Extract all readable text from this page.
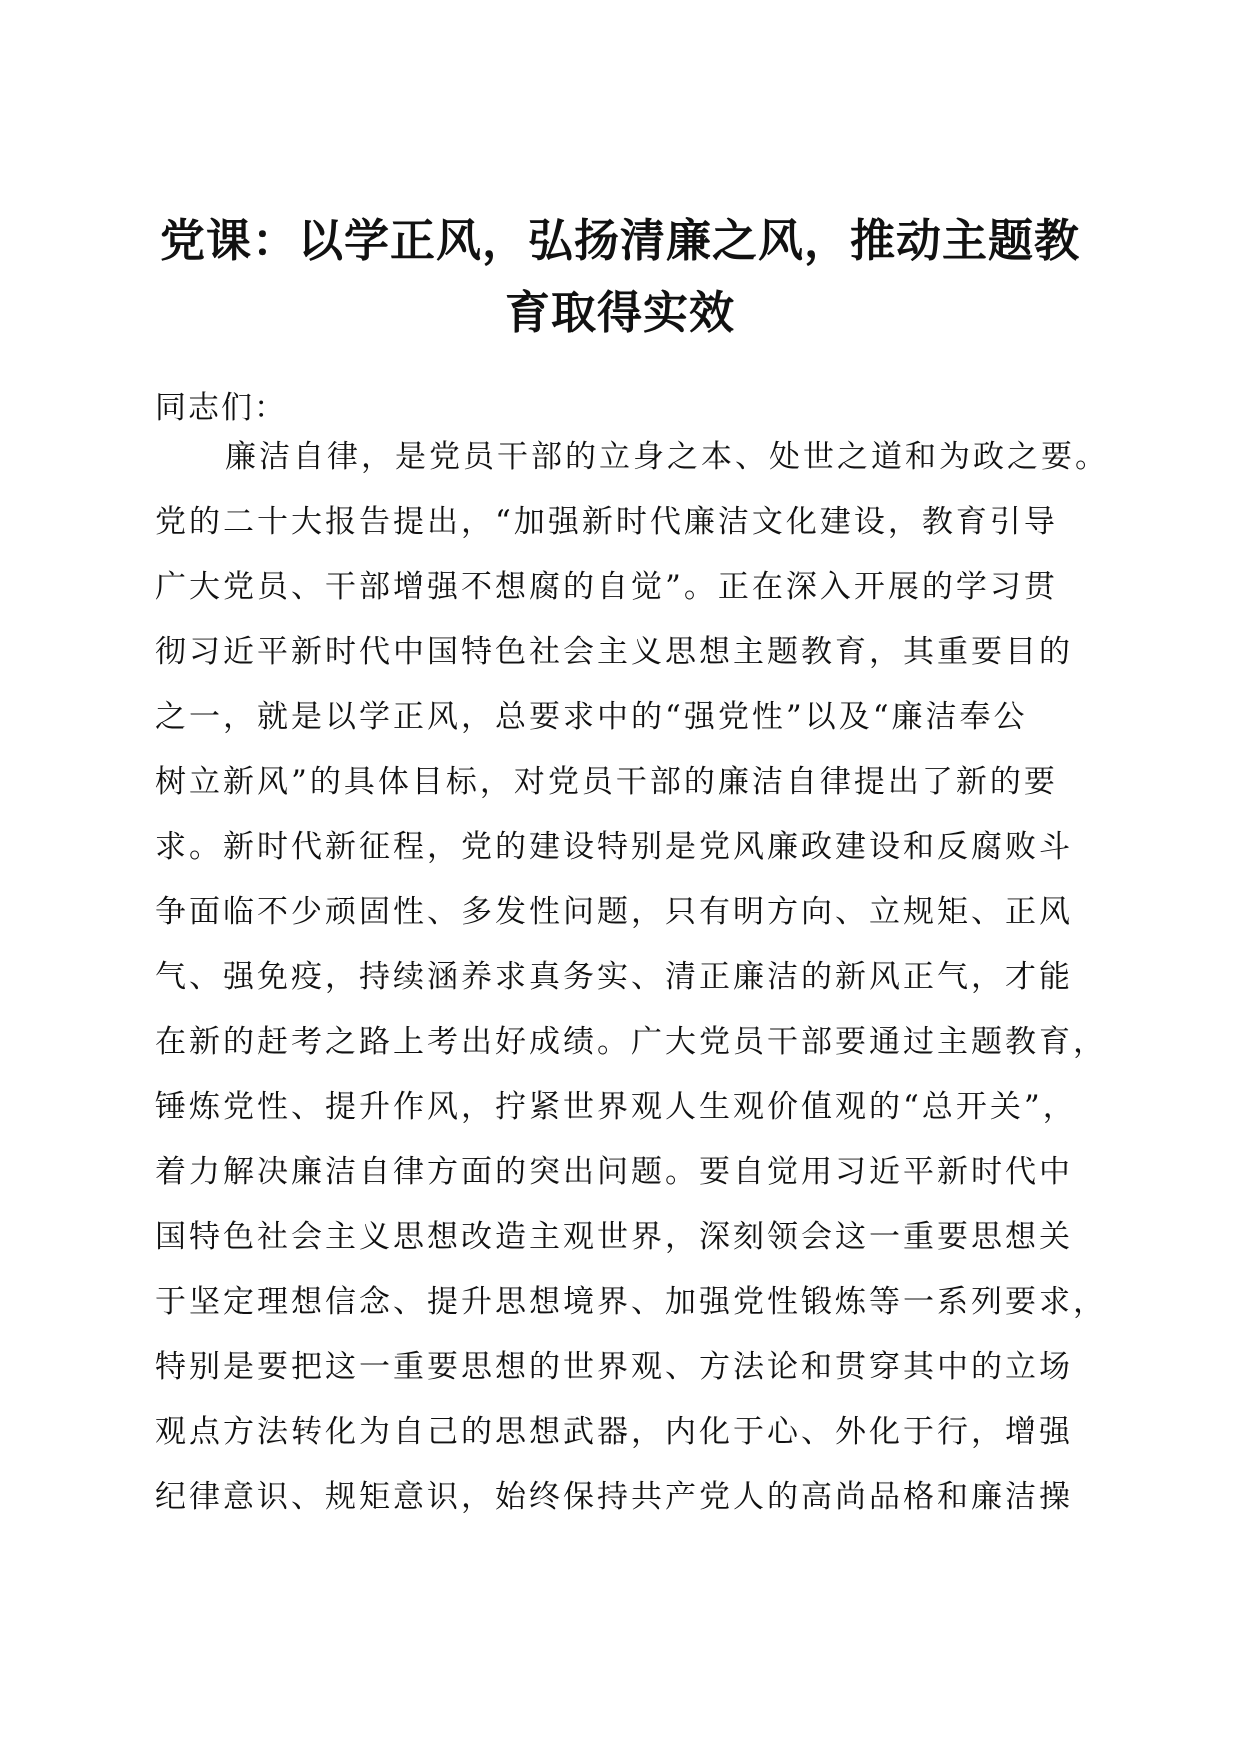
党课：以学正风，弘扬清廉之风，推动主题教
育取得实效

同志们：

廉洁自律，是党员干部的立身之本、处世之道和为政之要。
党的二十大报告提出，“加强新时代廉洁文化建设，教育引导
广大党员、干部增强不想腐的自觉”。正在深入开展的学习贯
彻习近平新时代中国特色社会主义思想主题教育，其重要目的
之一，就是以学正风，总要求中的“强党性”以及“廉洁奉公
树立新风”的具体目标，对党员干部的廉洁自律提出了新的要
求。新时代新征程，党的建设特别是党风廉政建设和反腐败斗
争面临不少顽固性、多发性问题，只有明方向、立规矩、正风
气、强免疫，持续涵养求真务实、清正廉洁的新风正气，才能
在新的赶考之路上考出好成绩。广大党员干部要通过主题教育，
锤炼党性、提升作风，拧紧世界观人生观价值观的“总开关”，
着力解决廉洁自律方面的突出问题。要自觉用习近平新时代中
国特色社会主义思想改造主观世界，深刻领会这一重要思想关
于坚定理想信念、提升思想境界、加强党性锻炼等一系列要求，
特别是要把这一重要思想的世界观、方法论和贯穿其中的立场
观点方法转化为自己的思想武器，内化于心、外化于行，增强
纪律意识、规矩意识，始终保持共产党人的高尚品格和廉洁操
